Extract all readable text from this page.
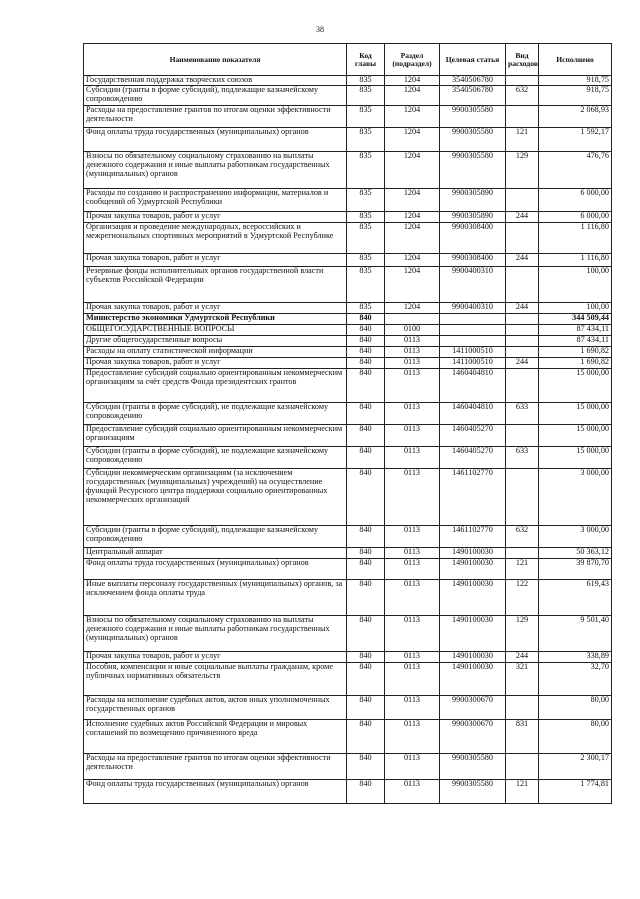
38
Наименование показателя	Код главы	Раздел (подраздел)	Целевая статья	Вид расходов	Исполнено
Государственная поддержка творческих союзов	835	1204	3540506780		918,75
Субсидии (гранты в форме субсидий), подлежащие казначейскому сопровождению	835	1204	3540506780	632	918,75
Расходы на предоставление грантов по итогам оценки эффективности деятельности	835	1204	9900305580		2 068,93
Фонд оплаты труда государственных (муниципальных) органов	835	1204	9900305580	121	1 592,17
Взносы по обязательному социальному страхованию на выплаты денежного содержания и иные выплаты работникам государственных (муниципальных) органов	835	1204	9900305580	129	476,76
Расходы по созданию и распространению информации, материалов и сообщений об Удмуртской Республики	835	1204	9900305890		6 000,00
Прочая закупка товаров, работ и услуг	835	1204	9900305890	244	6 000,00
Организация и проведение международных, всероссийских и межрегиональных спортивных мероприятий в Удмуртской Республике	835	1204	9900308400		1 116,80
Прочая закупка товаров, работ и услуг	835	1204	9900308400	244	1 116,80
Резервные фонды исполнительных органов государственной власти субъектов Российской Федерации	835	1204	9900400310		100,00
Прочая закупка товаров, работ и услуг	835	1204	9900400310	244	100,00
Министерство экономики Удмуртской Республики	840				344 509,44
ОБЩЕГОСУДАРСТВЕННЫЕ ВОПРОСЫ	840	0100			87 434,11
Другие общегосударственные вопросы	840	0113			87 434,11
Расходы на оплату статистической информации	840	0113	1411000510		1 690,82
Прочая закупка товаров, работ и услуг	840	0113	1411000510	244	1 690,82
Предоставление субсидий социально ориентированным некоммерческим организациям за счёт средств Фонда президентских грантов	840	0113	1460404810		15 000,00
Субсидии (гранты в форме субсидий), не подлежащие казначейскому сопровождению	840	0113	1460404810	633	15 000,00
Предоставление субсидий социально ориентированным некоммерческим организациям	840	0113	1460405270		15 000,00
Субсидии (гранты в форме субсидий), не подлежащие казначейскому сопровождению	840	0113	1460405270	633	15 000,00
Субсидии некоммерческим организациям (за исключением государственных (муниципальных) учреждений) на осуществление функций Ресурсного центра поддержки социально ориентированных некоммерческих организаций	840	0113	1461102770		3 000,00
Субсидии (гранты в форме субсидий), подлежащие казначейскому сопровождению	840	0113	1461102770	632	3 000,00
Центральный аппарат	840	0113	1490100030		50 363,12
Фонд оплаты труда государственных (муниципальных) органов	840	0113	1490100030	121	39 870,70
Иные выплаты персоналу государственных (муниципальных) органов, за исключением фонда оплаты труда	840	0113	1490100030	122	619,43
Взносы по обязательному социальному страхованию на выплаты денежного содержания и иные выплаты работникам государственных (муниципальных) органов	840	0113	1490100030	129	9 501,40
Прочая закупка товаров, работ и услуг	840	0113	1490100030	244	338,89
Пособия, компенсации и иные социальные выплаты гражданам, кроме публичных нормативных обязательств	840	0113	1490100030	321	32,70
Расходы на исполнение судебных актов, актов иных уполномоченных государственных органов	840	0113	9900300670		80,00
Исполнение судебных актов Российской Федерации и мировых соглашений по возмещению причиненного вреда	840	0113	9900300670	831	80,00
Расходы на предоставление грантов по итогам оценки эффективности деятельности	840	0113	9900305580		2 300,17
Фонд оплаты труда государственных (муниципальных) органов	840	0113	9900305580	121	1 774,81
